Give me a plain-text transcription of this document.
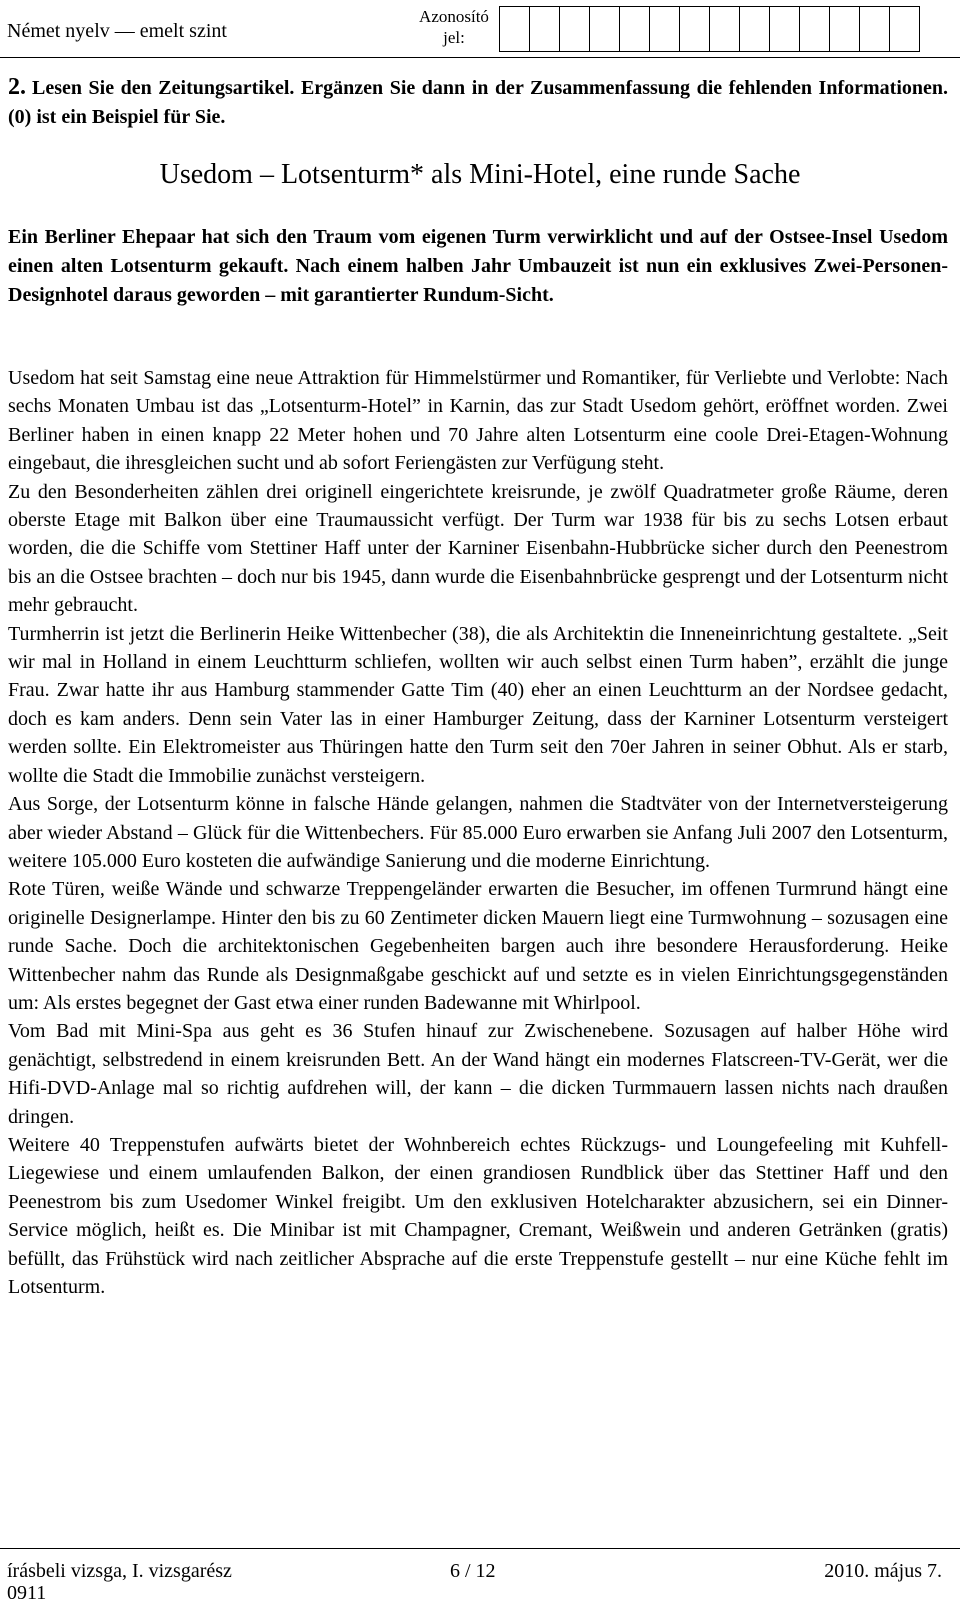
Német nyelv — emelt szint
Azonosító jel:
2. Lesen Sie den Zeitungsartikel. Ergänzen Sie dann in der Zusammenfassung die fehlenden Informationen. (0) ist ein Beispiel für Sie.
Usedom – Lotsenturm* als Mini-Hotel, eine runde Sache
Ein Berliner Ehepaar hat sich den Traum vom eigenen Turm verwirklicht und auf der Ostsee-Insel Usedom einen alten Lotsenturm gekauft. Nach einem halben Jahr Umbauzeit ist nun ein exklusives Zwei-Personen-Designhotel daraus geworden – mit garantierter Rundum-Sicht.

Usedom hat seit Samstag eine neue Attraktion für Himmelstürmer und Romantiker, für Verliebte und Verlobte: Nach sechs Monaten Umbau ist das „Lotsenturm-Hotel” in Karnin, das zur Stadt Usedom gehört, eröffnet worden. Zwei Berliner haben in einen knapp 22 Meter hohen und 70 Jahre alten Lotsenturm eine coole Drei-Etagen-Wohnung eingebaut, die ihresgleichen sucht und ab sofort Feriengästen zur Verfügung steht.

Zu den Besonderheiten zählen drei originell eingerichtete kreisrunde, je zwölf Quadratmeter große Räume, deren oberste Etage mit Balkon über eine Traumaussicht verfügt. Der Turm war 1938 für bis zu sechs Lotsen erbaut worden, die die Schiffe vom Stettiner Haff unter der Karniner Eisenbahn-Hubbrücke sicher durch den Peenestrom bis an die Ostsee brachten – doch nur bis 1945, dann wurde die Eisenbahnbrücke gesprengt und der Lotsenturm nicht mehr gebraucht.

Turmherrin ist jetzt die Berlinerin Heike Wittenbecher (38), die als Architektin die Inneneinrichtung gestaltete. „Seit wir mal in Holland in einem Leuchtturm schliefen, wollten wir auch selbst einen Turm haben”, erzählt die junge Frau. Zwar hatte ihr aus Hamburg stammender Gatte Tim (40) eher an einen Leuchtturm an der Nordsee gedacht, doch es kam anders. Denn sein Vater las in einer Hamburger Zeitung, dass der Karniner Lotsenturm versteigert werden sollte. Ein Elektromeister aus Thüringen hatte den Turm seit den 70er Jahren in seiner Obhut. Als er starb, wollte die Stadt die Immobilie zunächst versteigern.

Aus Sorge, der Lotsenturm könne in falsche Hände gelangen, nahmen die Stadtväter von der Internetversteigerung aber wieder Abstand – Glück für die Wittenbechers. Für 85.000 Euro erwarben sie Anfang Juli 2007 den Lotsenturm, weitere 105.000 Euro kosteten die aufwändige Sanierung und die moderne Einrichtung.

Rote Türen, weiße Wände und schwarze Treppengeländer erwarten die Besucher, im offenen Turmrund hängt eine originelle Designerlampe. Hinter den bis zu 60 Zentimeter dicken Mauern liegt eine Turmwohnung – sozusagen eine runde Sache. Doch die architektonischen Gegebenheiten bargen auch ihre besondere Herausforderung. Heike Wittenbecher nahm das Runde als Designmaßgabe geschickt auf und setzte es in vielen Einrichtungsgegenständen um: Als erstes begegnet der Gast etwa einer runden Badewanne mit Whirlpool.

Vom Bad mit Mini-Spa aus geht es 36 Stufen hinauf zur Zwischenebene. Sozusagen auf halber Höhe wird genächtigt, selbstredend in einem kreisrunden Bett. An der Wand hängt ein modernes Flatscreen-TV-Gerät, wer die Hifi-DVD-Anlage mal so richtig aufdrehen will, der kann – die dicken Turmmauern lassen nichts nach draußen dringen.

Weitere 40 Treppenstufen aufwärts bietet der Wohnbereich echtes Rückzugs- und Loungefeeling mit Kuhfell-Liegewiese und einem umlaufenden Balkon, der einen grandiosen Rundblick über das Stettiner Haff und den Peenestrom bis zum Usedomer Winkel freigibt. Um den exklusiven Hotelcharakter abzusichern, sei ein Dinner-Service möglich, heißt es. Die Minibar ist mit Champagner, Cremant, Weißwein und anderen Getränken (gratis) befüllt, das Frühstück wird nach zeitlicher Absprache auf die erste Treppenstufe gestellt – nur eine Küche fehlt im Lotsenturm.

írásbeli vizsga, I. vizsgarész
0911
6 / 12	2010. május 7.
